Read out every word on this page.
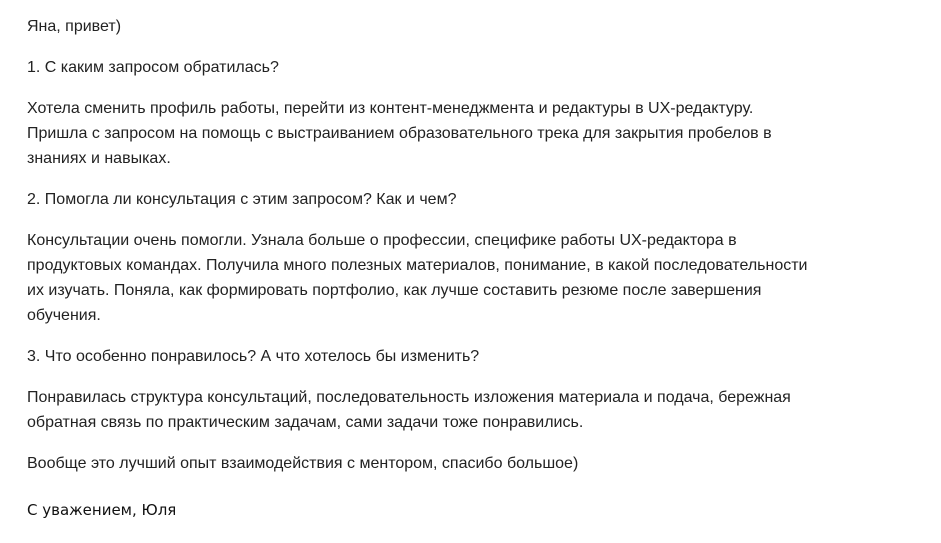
Яна, привет)

1. С каким запросом обратилась?

Хотела сменить профиль работы, перейти из контент-менеджмента и редактуры в UX-редактуру.
Пришла с запросом на помощь с выстраиванием образовательного трека для закрытия пробелов в
знаниях и навыках.

2. Помогла ли консультация с этим запросом? Как и чем?

Консультации очень помогли. Узнала больше о профессии, специфике работы UX-редактора в
продуктовых командах. Получила много полезных материалов, понимание, в какой последовательности
их изучать. Поняла, как формировать портфолио, как лучше составить резюме после завершения
обучения.

3. Что особенно понравилось? А что хотелось бы изменить?

Понравилась структура консультаций, последовательность изложения материала и подача, бережная
обратная связь по практическим задачам, сами задачи тоже понравились.

Вообще это лучший опыт взаимодействия с ментором, спасибо большое)

С уважением, Юля
